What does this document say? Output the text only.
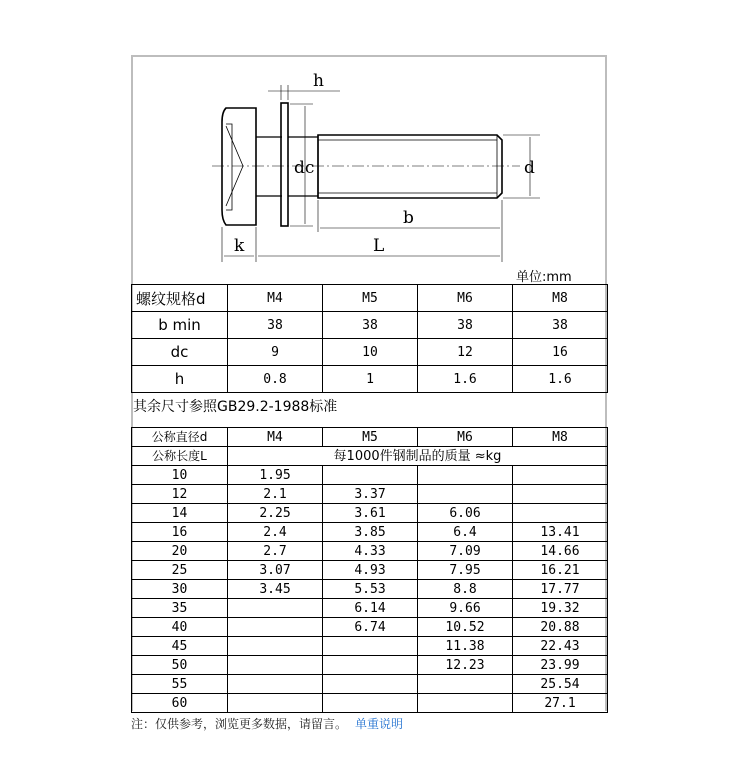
h
dc	d
b
k	L
单位:mm
螺纹规格d	M4	M5	M6	M8
b min	38	38	38	38
dc	9	10	12	16
h	0.8	1	1.6	1.6
其余尺寸参照GB29.2-1988标准
公称直径d	M4	M5	M6	M8
公称长度L	每1000件钢制品的质量 ≈kg			
10	1.95			
12	2.1	3.37		
14	2.25	3.61	6.06	
16	2.4	3.85	6.4	13.41
20	2.7	4.33	7.09	14.66
25	3.07	4.93	7.95	16.21
30	3.45	5.53	8.8	17.77
35		6.14	9.66	19.32
40		6.74	10.52	20.88
45			11.38	22.43
50			12.23	23.99
55				25.54
60				27.1
注：仅供参考，浏览更多数据，请留言。 单重说明
